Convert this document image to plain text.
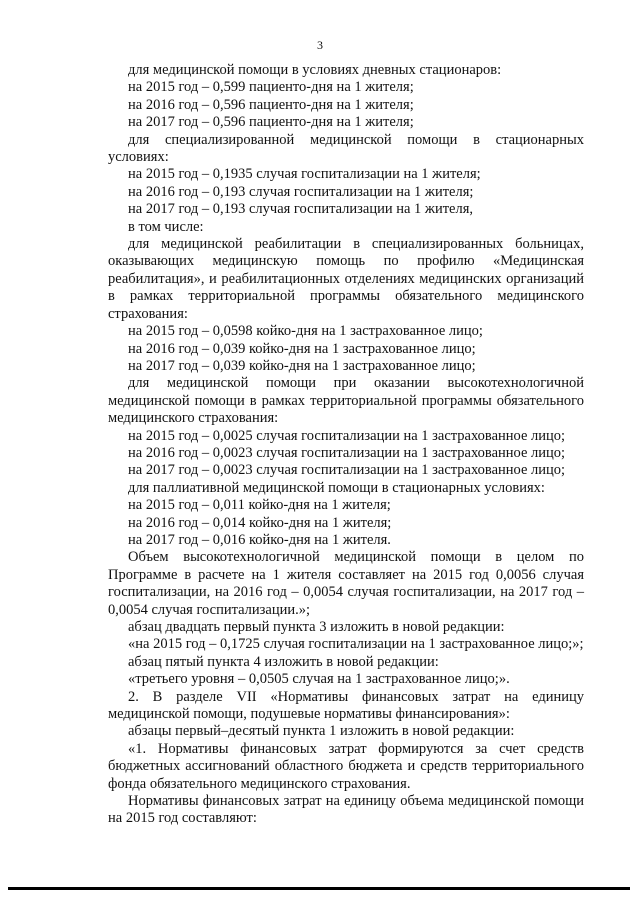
3

для медицинской помощи в условиях дневных стационаров:

на 2015 год – 0,599 пациенто-дня на 1 жителя;

на 2016 год – 0,596 пациенто-дня на 1 жителя;

на 2017 год – 0,596 пациенто-дня на 1 жителя;

для специализированной медицинской помощи в стационарных условиях:

на 2015 год – 0,1935 случая госпитализации на 1 жителя;

на 2016 год – 0,193 случая госпитализации на 1 жителя;

на 2017 год – 0,193 случая госпитализации на 1 жителя,

в том числе:

для медицинской реабилитации в специализированных больницах, оказывающих медицинскую помощь по профилю «Медицинская реабилитация», и реабилитационных отделениях медицинских организаций в рамках территориальной программы обязательного медицинского страхования:

на 2015 год – 0,0598 койко-дня на 1 застрахованное лицо;

на 2016 год – 0,039 койко-дня на 1 застрахованное лицо;

на 2017 год – 0,039 койко-дня на 1 застрахованное лицо;

для медицинской помощи при оказании высокотехнологичной медицинской помощи в рамках территориальной программы обязательного медицинского страхования:

на 2015 год – 0,0025 случая госпитализации на 1 застрахованное лицо;

на 2016 год – 0,0023 случая госпитализации на 1 застрахованное лицо;

на 2017 год – 0,0023 случая госпитализации на 1 застрахованное лицо;

для паллиативной медицинской помощи в стационарных условиях:

на 2015 год – 0,011 койко-дня на 1 жителя;

на 2016 год – 0,014 койко-дня на 1 жителя;

на 2017 год – 0,016 койко-дня на 1 жителя.

Объем высокотехнологичной медицинской помощи в целом по Программе в расчете на 1 жителя составляет на 2015 год 0,0056 случая госпитализации, на 2016 год – 0,0054 случая госпитализации, на 2017 год – 0,0054 случая госпитализации.»;

абзац двадцать первый пункта 3 изложить в новой редакции:

«на 2015 год – 0,1725 случая госпитализации на 1 застрахованное лицо;»;

абзац пятый пункта 4 изложить в новой редакции:

«третьего уровня – 0,0505 случая на 1 застрахованное лицо;».

2. В разделе VII «Нормативы финансовых затрат на единицу медицинской помощи, подушевые нормативы финансирования»:

абзацы первый–десятый пункта 1 изложить в новой редакции:

«1. Нормативы финансовых затрат формируются за счет средств бюджетных ассигнований областного бюджета и средств территориального фонда обязательного медицинского страхования.

Нормативы финансовых затрат на единицу объема медицинской помощи на 2015 год составляют:
